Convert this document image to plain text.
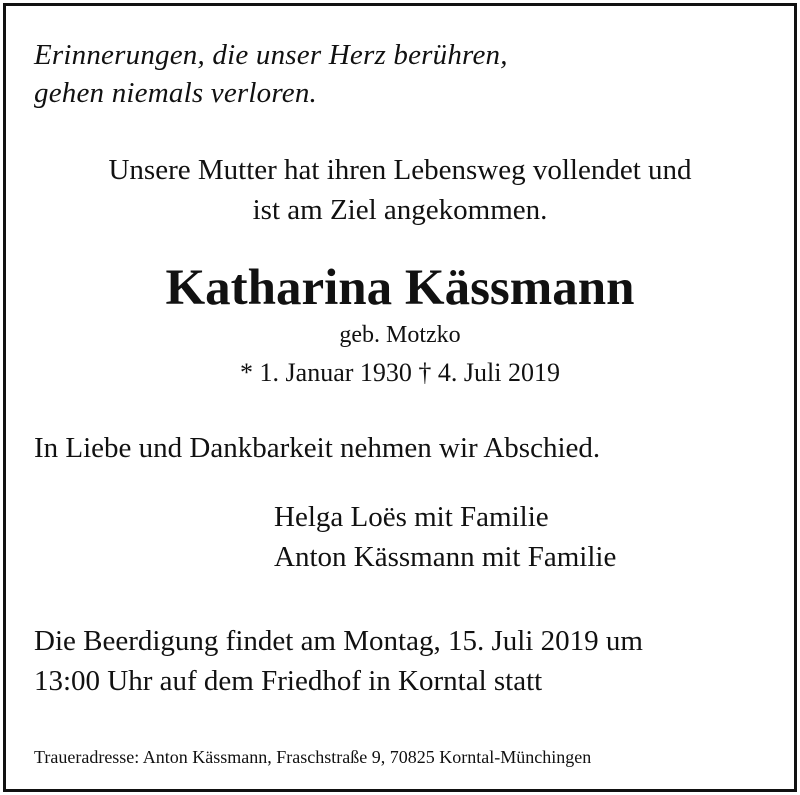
Erinnerungen, die unser Herz berühren,
gehen niemals verloren.
Unsere Mutter hat ihren Lebensweg vollendet und
ist am Ziel angekommen.
Katharina Kässmann
geb. Motzko
* 1. Januar 1930 † 4. Juli 2019
In Liebe und Dankbarkeit nehmen wir Abschied.
Helga Loës mit Familie
Anton Kässmann mit Familie
Die Beerdigung findet am Montag, 15. Juli 2019 um
13:00 Uhr auf dem Friedhof in Korntal statt
Traueradresse: Anton Kässmann, Fraschstraße 9, 70825 Korntal-Münchingen
